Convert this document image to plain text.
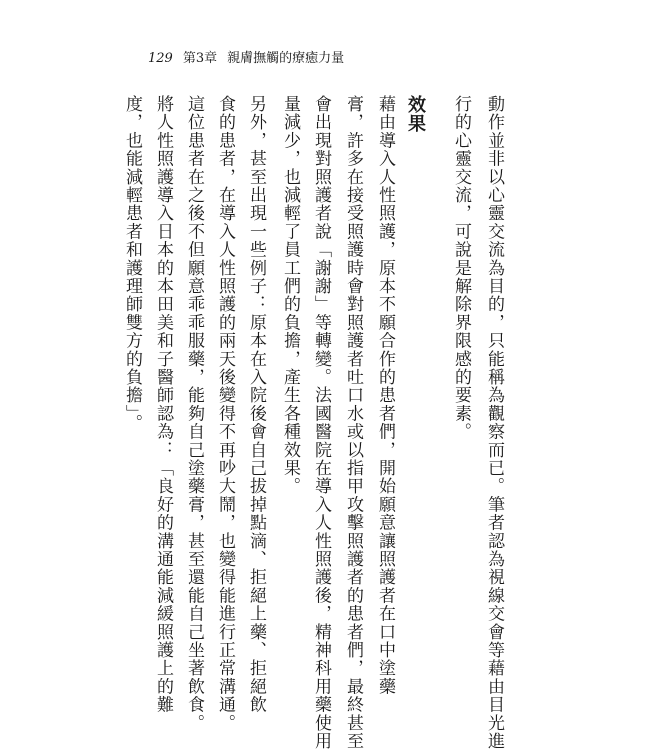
129 第3章 親膚撫觸的療癒力量
動作並非以心靈交流為目的，只能稱為觀察而已。筆者認為視線交會等藉由目光進
行的心靈交流，可說是解除界限感的要素。
效果
藉由導入人性照護，原本不願合作的患者們，開始願意讓照護者在口中塗藥
膏，許多在接受照護時會對照護者吐口水或以指甲攻擊照護者的患者們，最終甚至
會出現對照護者說「謝謝」等轉變。法國醫院在導入人性照護後，精神科用藥使用
量減少，也減輕了員工們的負擔，產生各種效果。
另外，甚至出現一些例子：原本在入院後會自己拔掉點滴、拒絕上藥、拒絕飲
食的患者，在導入人性照護的兩天後變得不再吵大鬧，也變得能進行正常溝通。
這位患者在之後不但願意乖乖服藥，能夠自己塗藥膏，甚至還能自己坐著飲食。
將人性照護導入日本的本田美和子醫師認為：「良好的溝通能減緩照護上的難
度，也能減輕患者和護理師雙方的負擔」。
